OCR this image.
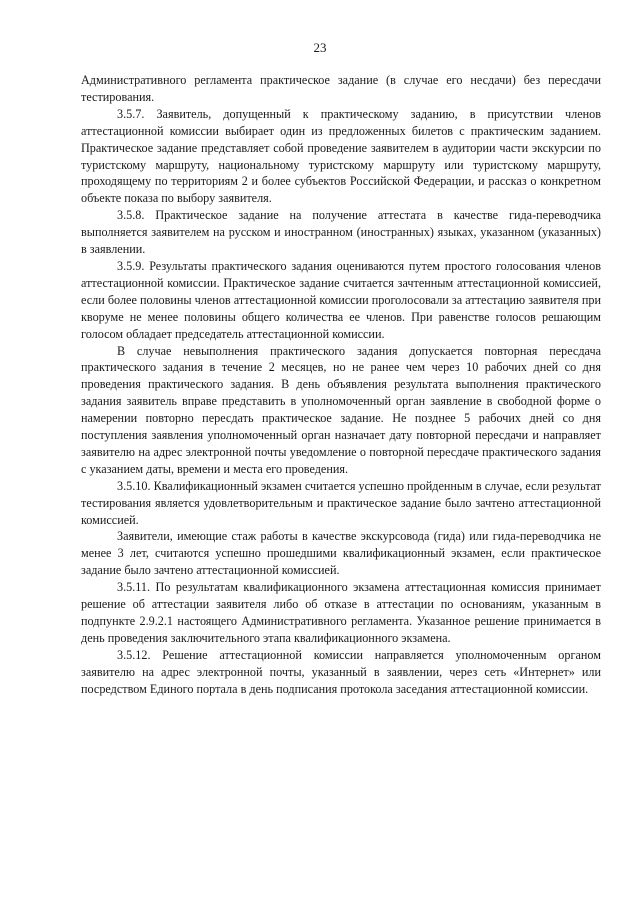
23

Административного регламента практическое задание (в случае его несдачи) без пересдачи тестирования.

3.5.7. Заявитель, допущенный к практическому заданию, в присутствии членов аттестационной комиссии выбирает один из предложенных билетов с практическим заданием. Практическое задание представляет собой проведение заявителем в аудитории части экскурсии по туристскому маршруту, национальному туристскому маршруту или туристскому маршруту, проходящему по территориям 2 и более субъектов Российской Федерации, и рассказ о конкретном объекте показа по выбору заявителя.

3.5.8. Практическое задание на получение аттестата в качестве гида-переводчика выполняется заявителем на русском и иностранном (иностранных) языках, указанном (указанных) в заявлении.

3.5.9. Результаты практического задания оцениваются путем простого голосования членов аттестационной комиссии. Практическое задание считается зачтенным аттестационной комиссией, если более половины членов аттестационной комиссии проголосовали за аттестацию заявителя при кворуме не менее половины общего количества ее членов. При равенстве голосов решающим голосом обладает председатель аттестационной комиссии.

В случае невыполнения практического задания допускается повторная пересдача практического задания в течение 2 месяцев, но не ранее чем через 10 рабочих дней со дня проведения практического задания. В день объявления результата выполнения практического задания заявитель вправе представить в уполномоченный орган заявление в свободной форме о намерении повторно пересдать практическое задание. Не позднее 5 рабочих дней со дня поступления заявления уполномоченный орган назначает дату повторной пересдачи и направляет заявителю на адрес электронной почты уведомление о повторной пересдаче практического задания с указанием даты, времени и места его проведения.

3.5.10. Квалификационный экзамен считается успешно пройденным в случае, если результат тестирования является удовлетворительным и практическое задание было зачтено аттестационной комиссией.

Заявители, имеющие стаж работы в качестве экскурсовода (гида) или гида-переводчика не менее 3 лет, считаются успешно прошедшими квалификационный экзамен, если практическое задание было зачтено аттестационной комиссией.

3.5.11. По результатам квалификационного экзамена аттестационная комиссия принимает решение об аттестации заявителя либо об отказе в аттестации по основаниям, указанным в подпункте 2.9.2.1 настоящего Административного регламента. Указанное решение принимается в день проведения заключительного этапа квалификационного экзамена.

3.5.12. Решение аттестационной комиссии направляется уполномоченным органом заявителю на адрес электронной почты, указанный в заявлении, через сеть «Интернет» или посредством Единого портала в день подписания протокола заседания аттестационной комиссии.
